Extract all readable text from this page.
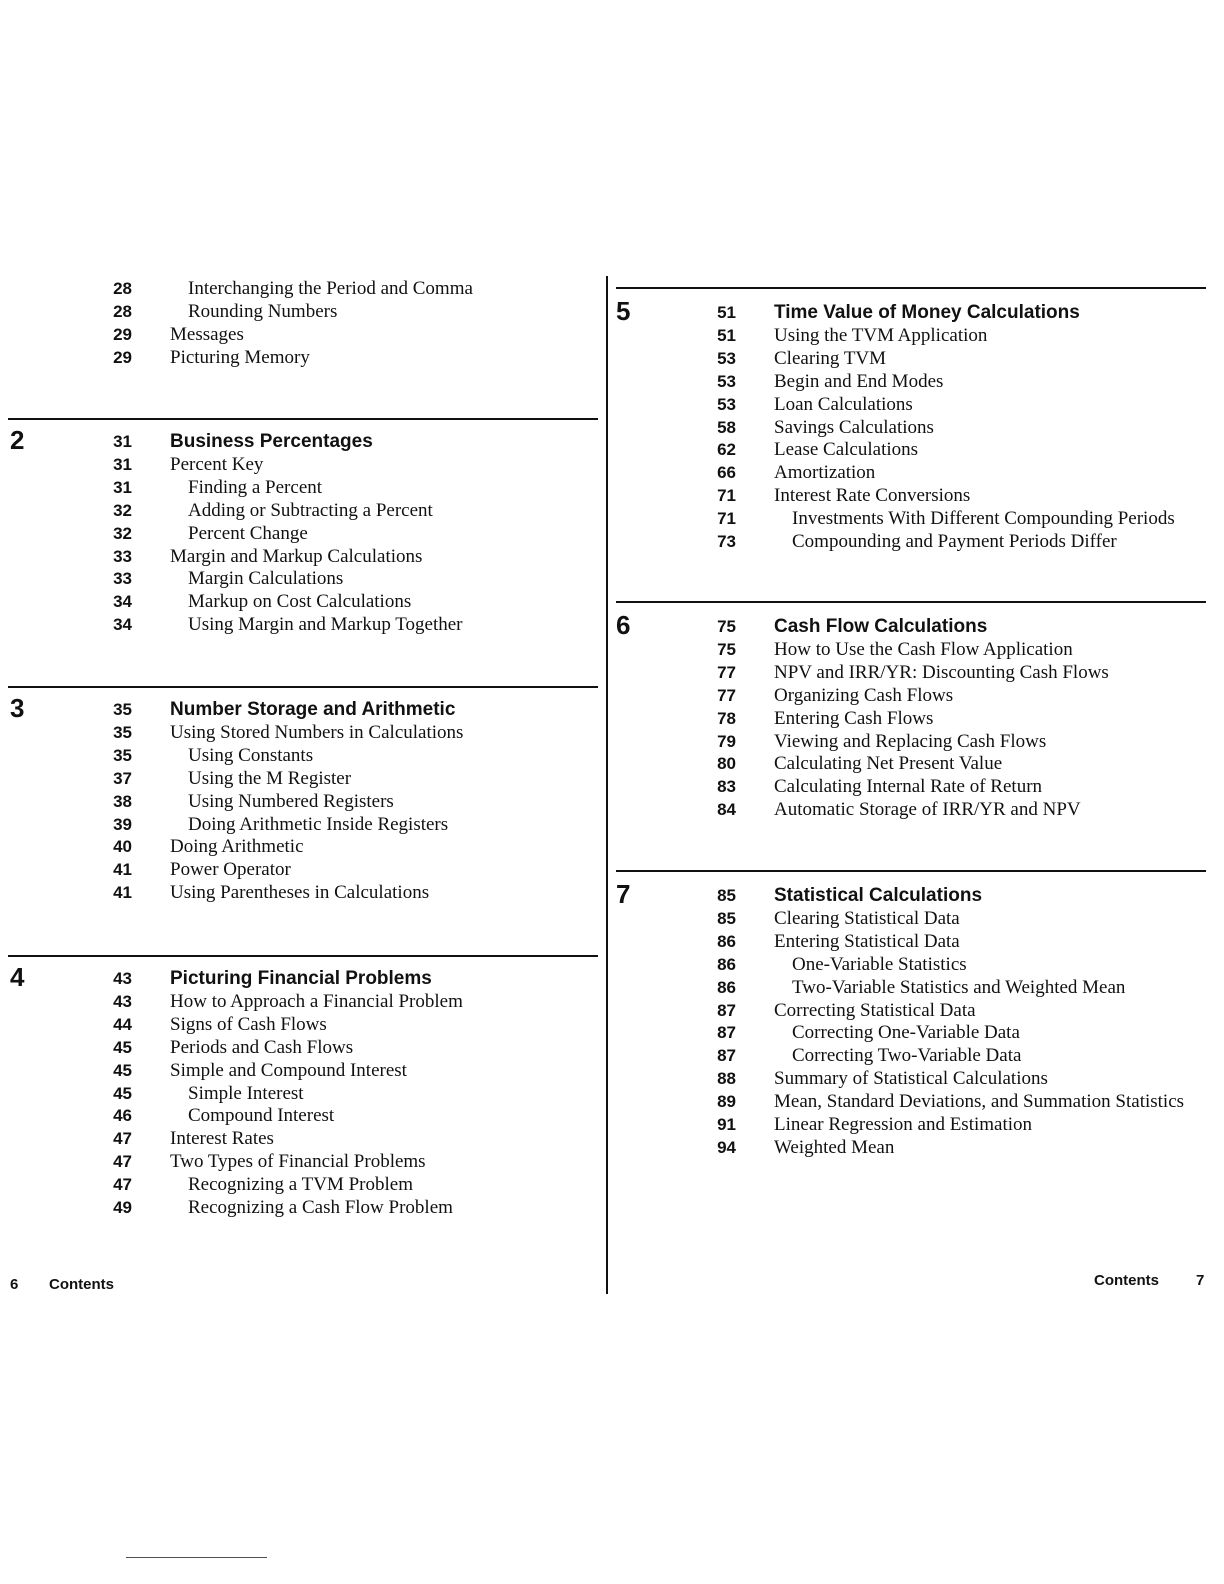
28	Interchanging the Period and Comma
28	Rounding Numbers
29 Messages
29 Picturing Memory
2	31 Business Percentages
31 Percent Key
31	Finding a Percent
32	Adding or Subtracting a Percent
32	Percent Change
33 Margin and Markup Calculations
33	Margin Calculations
34	Markup on Cost Calculations
34	Using Margin and Markup Together
3	35 Number Storage and Arithmetic
35 Using Stored Numbers in Calculations
35	Using Constants
37	Using the M Register
38	Using Numbered Registers
39	Doing Arithmetic Inside Registers
40 Doing Arithmetic
41 Power Operator
41 Using Parentheses in Calculations
4	43 Picturing Financial Problems
43 How to Approach a Financial Problem
44 Signs of Cash Flows
45 Periods and Cash Flows
45 Simple and Compound Interest
45	Simple Interest
46	Compound Interest
47 Interest Rates
47 Two Types of Financial Problems
47	Recognizing a TVM Problem
49	Recognizing a Cash Flow Problem
6 Contents
5	51 Time Value of Money Calculations
51 Using the TVM Application
53 Clearing TVM
53 Begin and End Modes
53 Loan Calculations
58 Savings Calculations
62 Lease Calculations
66 Amortization
71 Interest Rate Conversions
71	Investments With Different Compounding Periods
73	Compounding and Payment Periods Differ
6	75 Cash Flow Calculations
75 How to Use the Cash Flow Application
77 NPV and IRR/YR: Discounting Cash Flows
77 Organizing Cash Flows
78 Entering Cash Flows
79 Viewing and Replacing Cash Flows
80 Calculating Net Present Value
83 Calculating Internal Rate of Return
84 Automatic Storage of IRR/YR and NPV
7	85 Statistical Calculations
85 Clearing Statistical Data
86 Entering Statistical Data
86	One-Variable Statistics
86	Two-Variable Statistics and Weighted Mean
87 Correcting Statistical Data
87	Correcting One-Variable Data
87	Correcting Two-Variable Data
88 Summary of Statistical Calculations
89 Mean, Standard Deviations, and Summation Statistics
91 Linear Regression and Estimation
94 Weighted Mean
Contents 7
